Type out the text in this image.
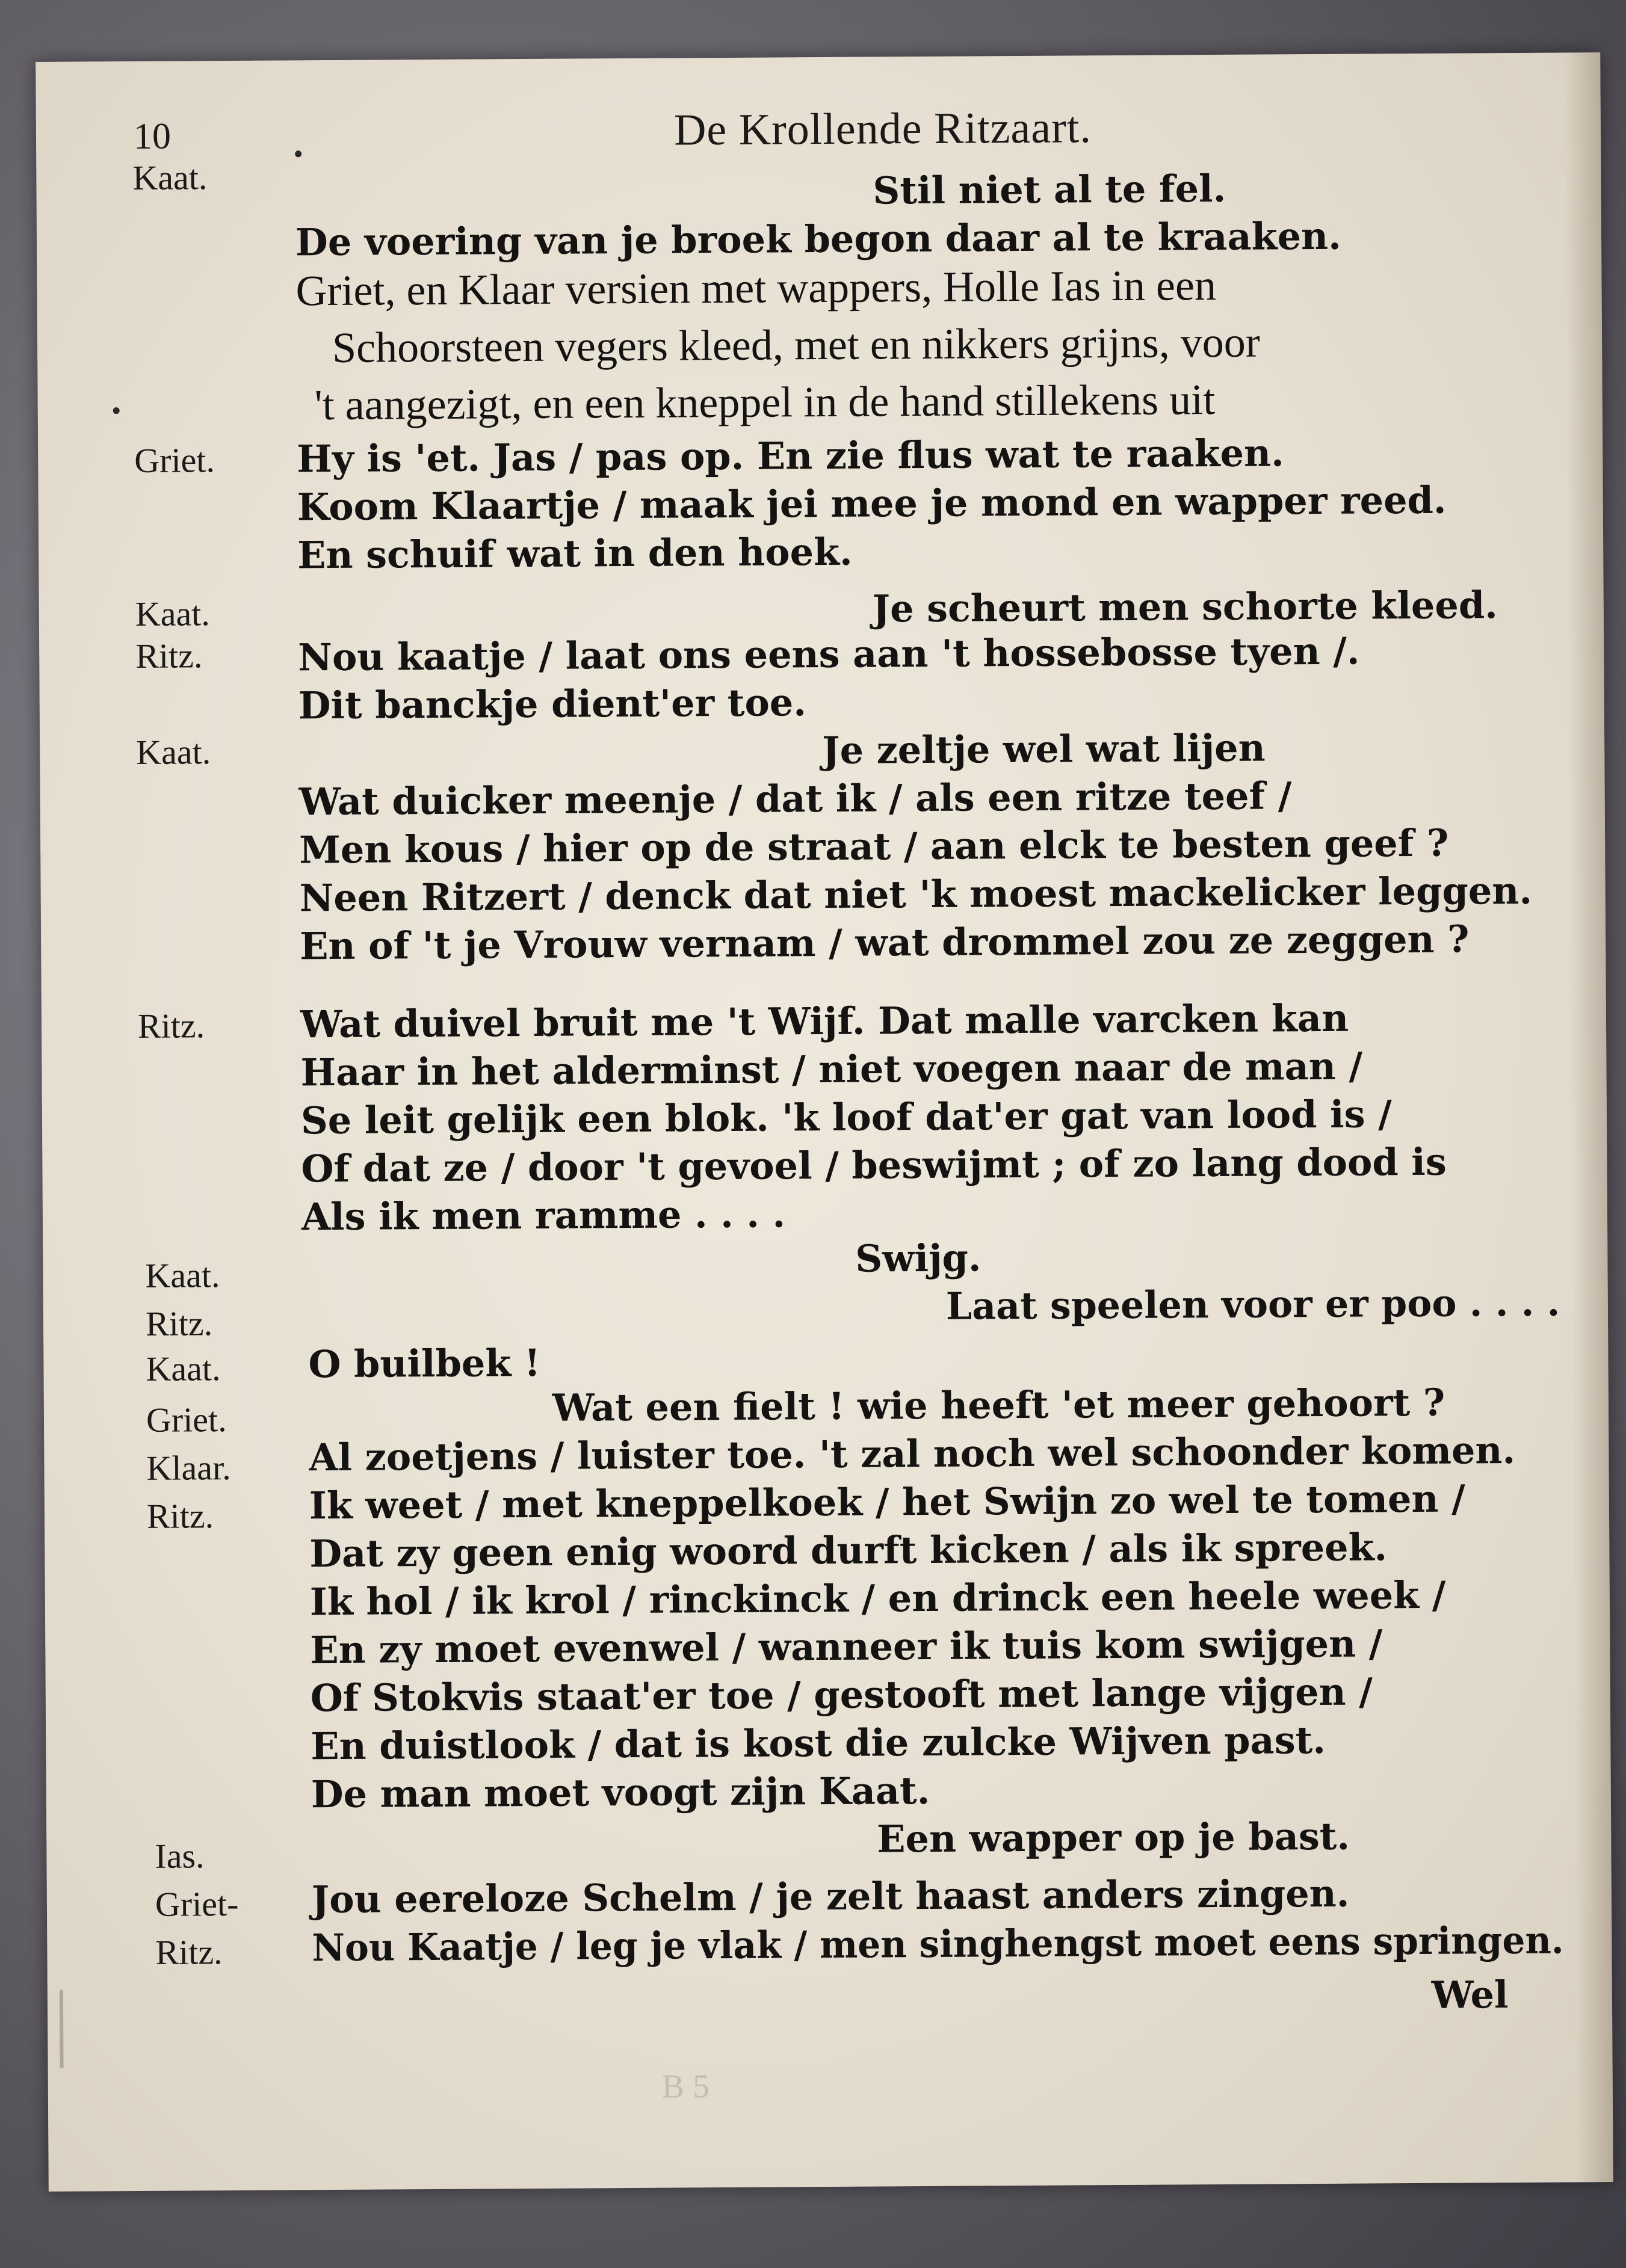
10	De Krollende Ritzaart.
Kaat.
Griet.
Kaat.
Ritz.
Kaat.
Ritz.
Kaat.
Ritz.
Kaat.
Griet.
Klaar.
Ritz.
Ias.
Griet-
Ritz.
Stil niet al te fel.
De voering van je broek begon daar al te kraaken.
Griet, en Klaar versien met wappers, Holle Ias in een
Schoorsteen vegers kleed, met en nikkers grijns, voor
't aangezigt, en een kneppel in de hand stillekens uit
Hy is 'et. Jas / pas op. En zie flus wat te raaken.
Koom Klaartje / maak jei mee je mond en wapper reed.
En schuif wat in den hoek.
Je scheurt men schorte kleed.
Nou kaatje / laat ons eens aan 't hossebosse tyen /.
Dit banckje dient'er toe.
Je zeltje wel wat lijen
Wat duicker meenje / dat ik / als een ritze teef /
Men kous / hier op de straat / aan elck te besten geef ?
Neen Ritzert / denck dat niet 'k moest mackelicker leggen.
En of 't je Vrouw vernam / wat drommel zou ze zeggen ?
Wat duivel bruit me 't Wijf. Dat malle varcken kan
Haar in het alderminst / niet voegen naar de man /
Se leit gelijk een blok. 'k loof dat'er gat van lood is /
Of dat ze / door 't gevoel / beswijmt ; of zo lang dood is
Als ik men ramme . . . .
Swijg.
Laat speelen voor er poo . . . .
O builbek !
Wat een fielt ! wie heeft 'et meer gehoort ?
Al zoetjens / luister toe. 't zal noch wel schoonder komen.
Ik weet / met kneppelkoek / het Swijn zo wel te tomen /
Dat zy geen enig woord durft kicken / als ik spreek.
Ik hol / ik krol / rinckinck / en drinck een heele week /
En zy moet evenwel / wanneer ik tuis kom swijgen /
Of Stokvis staat'er toe / gestooft met lange vijgen /
En duistlook / dat is kost die zulcke Wijven past.
De man moet voogt zijn Kaat.
Een wapper op je bast.
Jou eereloze Schelm / je zelt haast anders zingen.
Nou Kaatje / leg je vlak / men singhengst moet eens springen.
Wel
B 5
